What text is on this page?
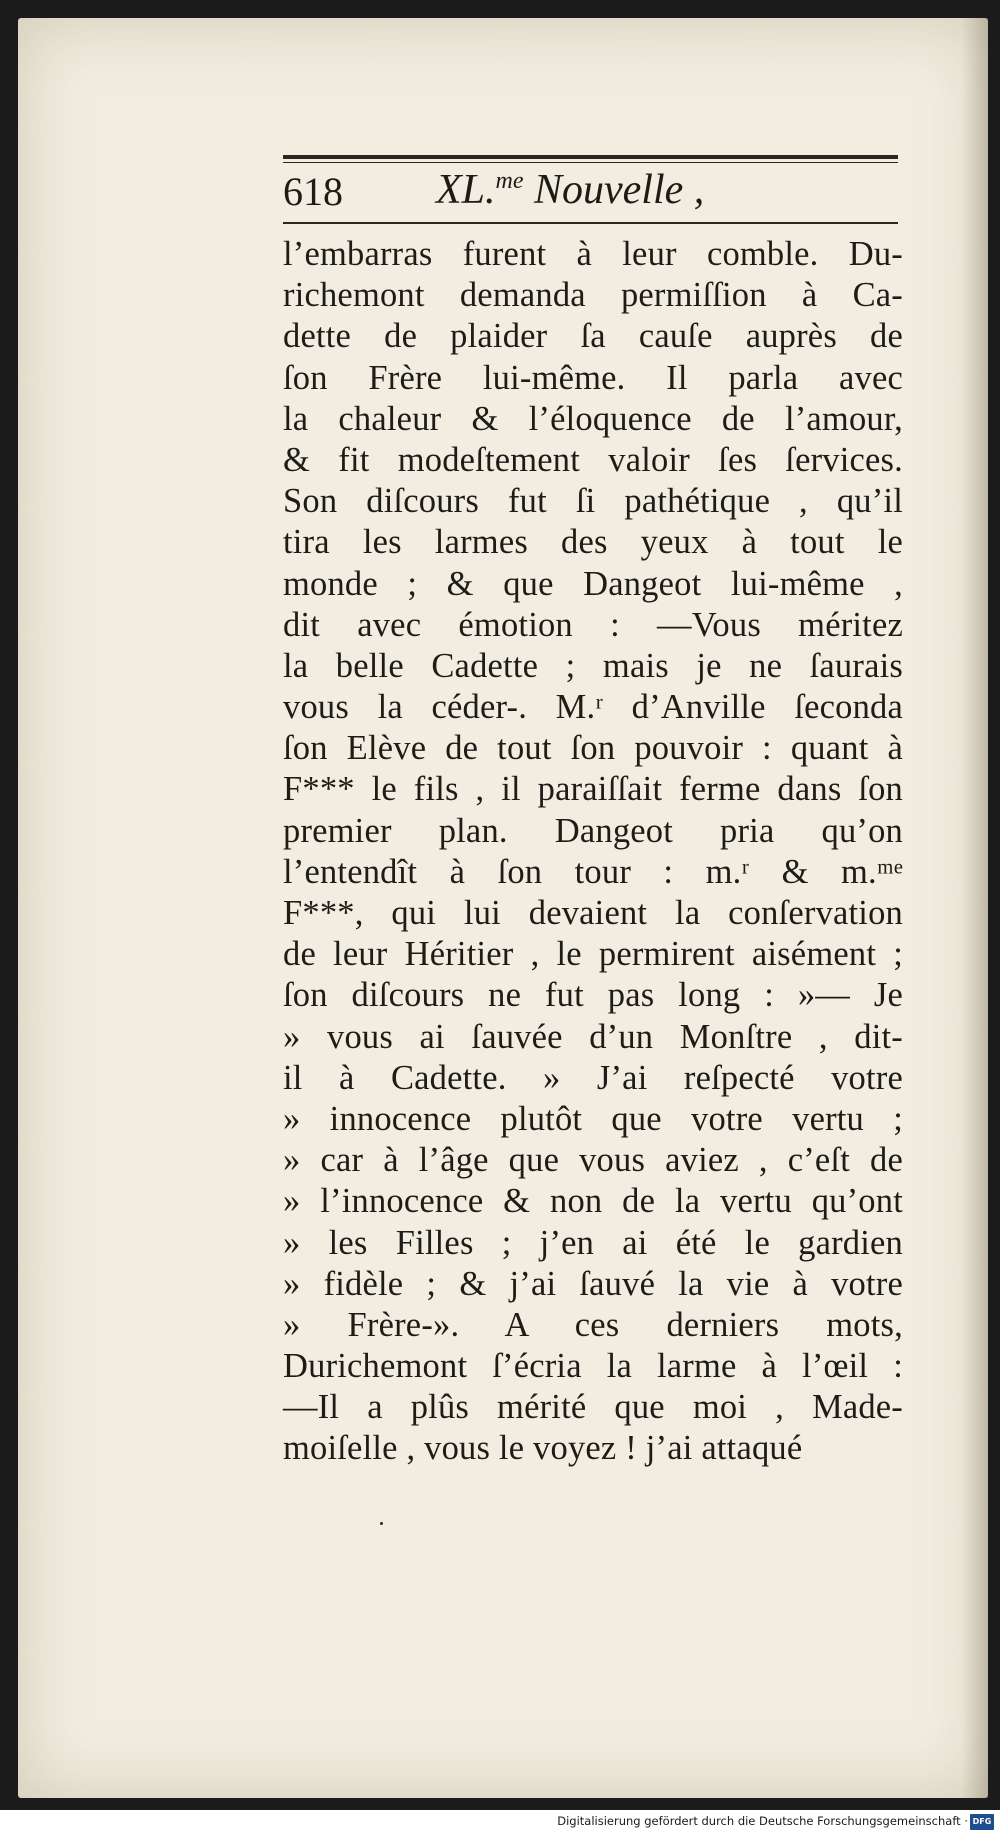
618 XL.$^{me}$ Nouvelle ,
l’embarras furent à leur comble. Du-
richemont demanda permiſſion à Ca-
dette de plaider ſa cauſe auprès de
ſon Frère lui-même. Il parla avec
la chaleur & l’éloquence de l’amour,
& fit modeſtement valoir ſes ſervices.
Son diſcours fut ſi pathétique , qu’il
tira les larmes des yeux à tout le
monde ; & que Dangeot lui-même ,
dit avec émotion : —Vous méritez
la belle Cadette ; mais je ne ſaurais
vous la céder-. M.ʳ d’Anville ſeconda
ſon Elève de tout ſon pouvoir : quant à
F*** le fils , il paraiſſait ferme dans ſon
premier plan. Dangeot pria qu’on
l’entendît à ſon tour : m.ʳ & m.ᵐᵉ
F***, qui lui devaient la conſervation
de leur Héritier , le permirent aisément ;
ſon diſcours ne fut pas long : »— Je
» vous ai ſauvée d’un Monſtre , dit-
il à Cadette. » J’ai reſpecté votre
» innocence plutôt que votre vertu ;
» car à l’âge que vous aviez , c’eſt de
» l’innocence & non de la vertu qu’ont
» les Filles ; j’en ai été le gardien
» fidèle ; & j’ai ſauvé la vie à votre
» Frère-». A ces derniers mots,
Durichemont ſ’écria la larme à l’œil :
—Il a plûs mérité que moi , Made-
moiſelle , vous le voyez ! j’ai attaqué
Digitalisierung gefördert durch die Deutsche Forschungsgemeinschaft · DFG
